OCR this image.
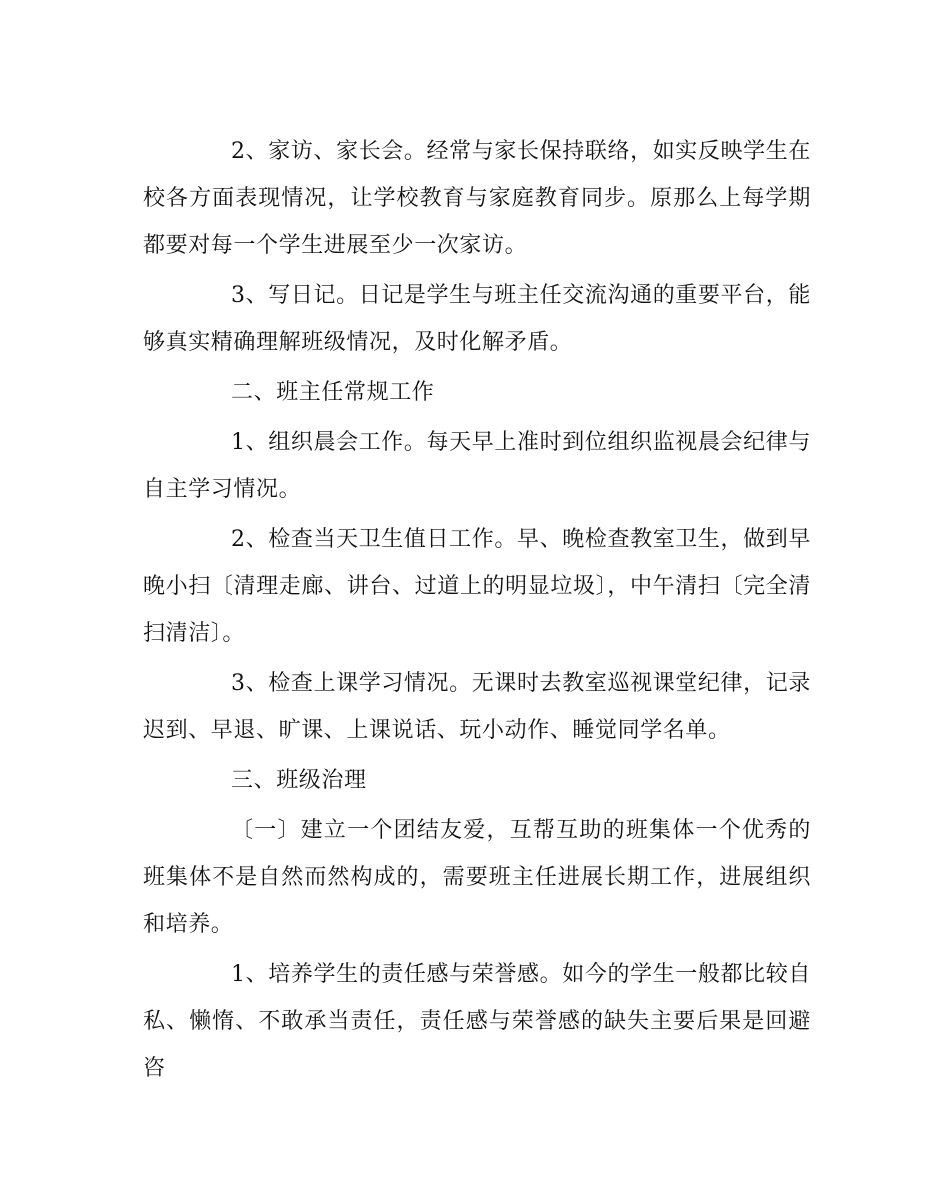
2、家访、家长会。经常与家长保持联络，如实反映学生在校各方面表现情况，让学校教育与家庭教育同步。原那么上每学期都要对每一个学生进展至少一次家访。

3、写日记。日记是学生与班主任交流沟通的重要平台，能够真实精确理解班级情况，及时化解矛盾。

二、班主任常规工作

1、组织晨会工作。每天早上准时到位组织监视晨会纪律与自主学习情况。

2、检查当天卫生值日工作。早、晚检查教室卫生，做到早晚小扫〔清理走廊、讲台、过道上的明显垃圾〕，中午清扫〔完全清扫清洁〕。

3、检查上课学习情况。无课时去教室巡视课堂纪律，记录迟到、早退、旷课、上课说话、玩小动作、睡觉同学名单。

三、班级治理

〔一〕建立一个团结友爱，互帮互助的班集体一个优秀的班集体不是自然而然构成的，需要班主任进展长期工作，进展组织和培养。

1、培养学生的责任感与荣誉感。如今的学生一般都比较自私、懒惰、不敢承当责任，责任感与荣誉感的缺失主要后果是回避咨
